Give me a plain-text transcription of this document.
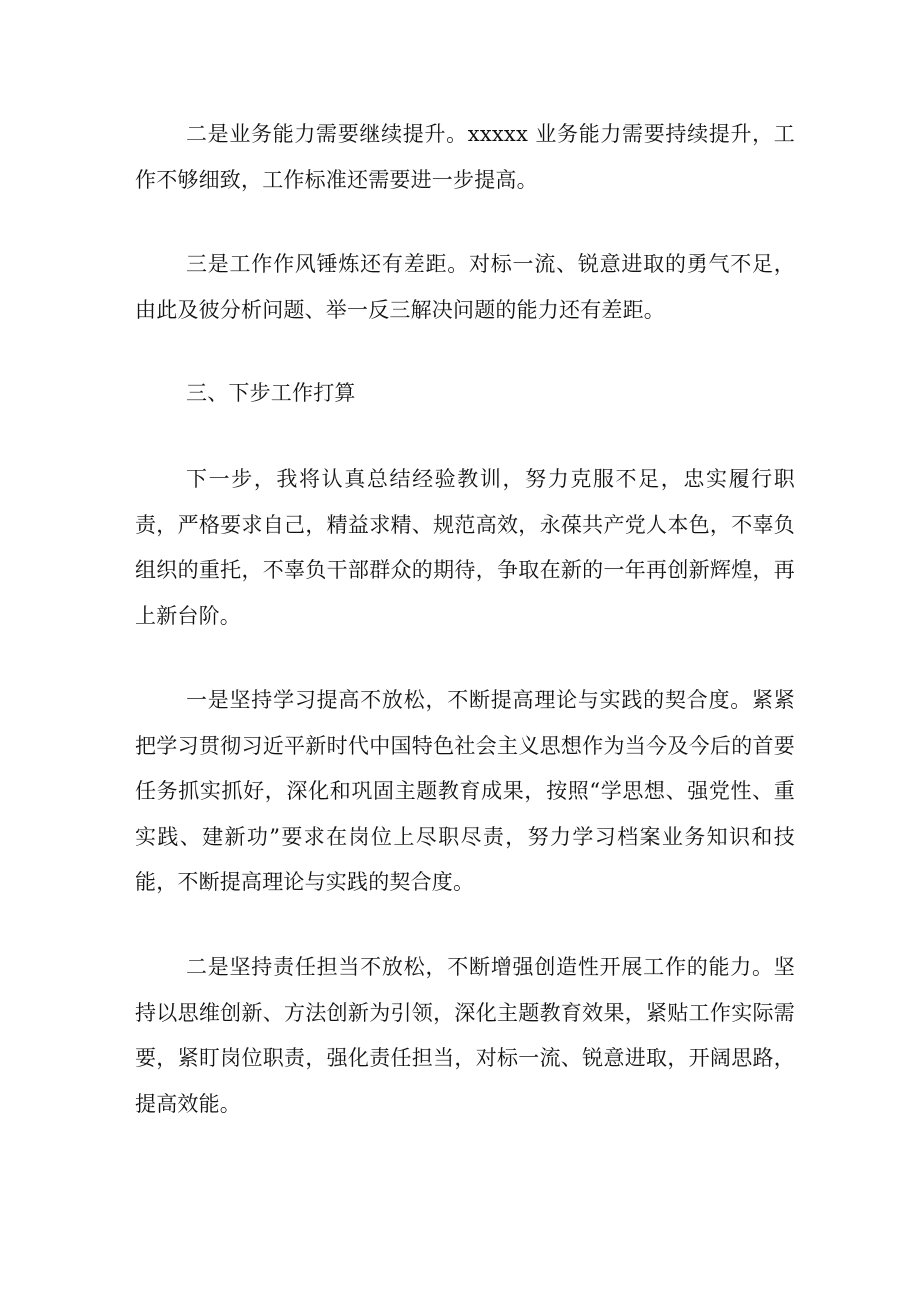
二是业务能力需要继续提升。xxxxx 业务能力需要持续提升，工作不够细致，工作标准还需要进一步提高。

三是工作作风锤炼还有差距。对标一流、锐意进取的勇气不足，由此及彼分析问题、举一反三解决问题的能力还有差距。

三、下步工作打算

下一步，我将认真总结经验教训，努力克服不足，忠实履行职责，严格要求自己，精益求精、规范高效，永葆共产党人本色，不辜负组织的重托，不辜负干部群众的期待，争取在新的一年再创新辉煌，再上新台阶。

一是坚持学习提高不放松，不断提高理论与实践的契合度。紧紧把学习贯彻习近平新时代中国特色社会主义思想作为当今及今后的首要任务抓实抓好，深化和巩固主题教育成果，按照“学思想、强党性、重实践、建新功”要求在岗位上尽职尽责，努力学习档案业务知识和技能，不断提高理论与实践的契合度。

二是坚持责任担当不放松，不断增强创造性开展工作的能力。坚持以思维创新、方法创新为引领，深化主题教育效果，紧贴工作实际需要，紧盯岗位职责，强化责任担当，对标一流、锐意进取，开阔思路，提高效能。
